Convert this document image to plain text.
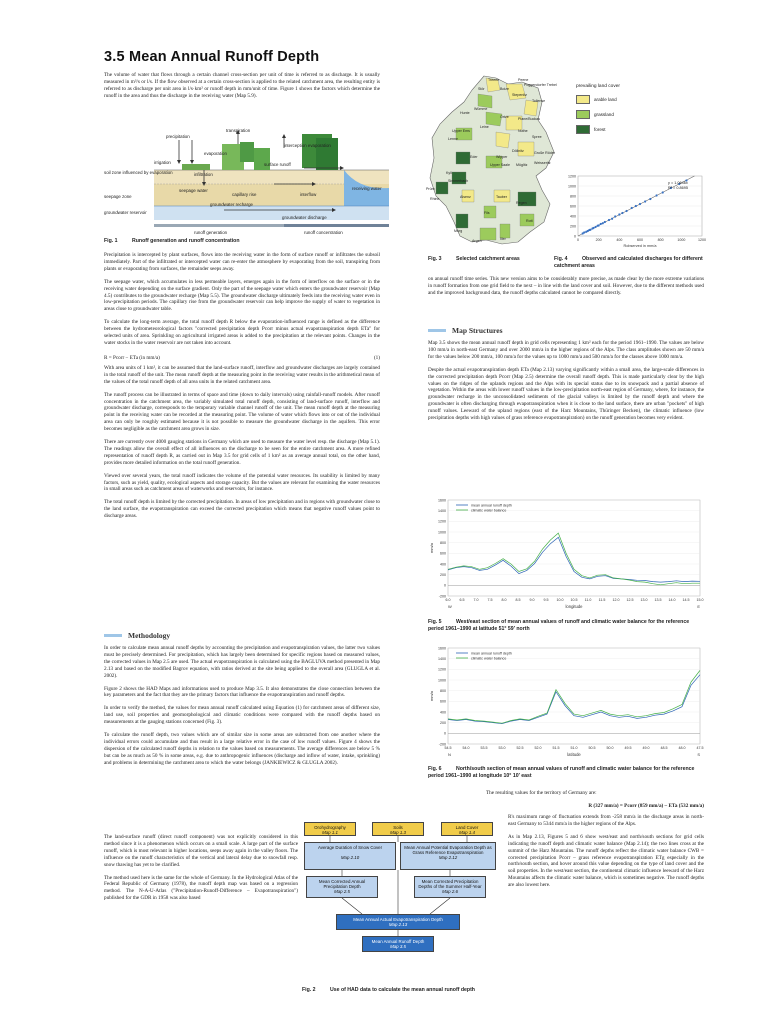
3.5 Mean Annual Runoff Depth

The volume of water that flows through a certain channel cross-section per unit of time is referred to as discharge. It is usually measured in m³/s or l/s. If the flow observed at a certain cross-section is applied to the related catchment area, the resulting entity is referred to as discharge per unit area in l/s·km² or runoff depth in mm/unit of time. Figure 1 shows the factors which determine the runoff in the area and thus the discharge in the receiving water (Map 5.9).

transpiration
precipitation
interception evaporation
evaporation
irrigation	surface runoff
soil zone influenced by evaporation	infiltration
seepage zone
seepage water
capillary rise	interflow
receiving water
groundwater reservoir
groundwater recharge
groundwater discharge
runoff generation	runoff concentration
Fig. 1	Runoff generation and runoff concentration

Precipitation is intercepted by plant surfaces, flows into the receiving water in the form of surface runoff or infiltrates the subsoil immediately. Part of the infiltrated or intercepted water can re-enter the atmosphere by evaporating from the soil, transpiring from plants or evaporating from surfaces, the remainder seeps away.

The seepage water, which accumulates in less permeable layers, emerges again in the form of interflow on the surface or in the receiving water depending on the surface gradient. Only the part of the seepage water which enters the groundwater reservoir (Map 4.5) contributes to the groundwater recharge (Map 5.5). The groundwater discharge ultimately feeds into the receiving water even in low-precipitation periods. The capillary rise from the groundwater reservoir can help improve the supply of water to vegetation in areas close to groundwater table.

To calculate the long-term average, the total runoff depth R below the evaporation-influenced range is defined as the difference between the hydrometeorological factors "corrected precipitation depth Pcorr minus actual evapotranspiration depth ETa" for selected units of area. Sprinkling on agricultural irrigated areas is added to the precipitation at the relevant points. Changes in the water stocks in the water reservoir are not taken into account.

R = Pcorr − ETa (in mm/a)	(1)

With area units of 1 km², it can be assumed that the land-surface runoff, interflow and groundwater discharges are largely contained in the total runoff of the unit. The mean runoff depth at the measuring point in the receiving water results in the arithmetical mean of the values of the total runoff depth of all area units in the related catchment area.

The runoff process can be illustrated in terms of space and time (down to daily intervals) using rainfall-runoff models. After runoff concentration in the catchment area, the variably simulated total runoff depth, consisting of land-surface runoff, interflow and groundwater discharge, corresponds to the temporary variable channel runoff of the unit. The mean runoff depth at the measuring point in the receiving water can be recorded at the measuring point. The volume of water which flows into or out of the individual area can only be roughly estimated because it is not possible to measure the groundwater discharge in the aquifers. This error becomes negligible as the catchment area grows in size.

There are currently over 4000 gauging stations in Germany which are used to measure the water level resp. the discharge (Map 5.1). The readings allow the overall effect of all influences on the discharge to be seen for the entire catchment area. A more refined representation of runoff depth R, as carried out in Map 3.5 for grid cells of 1 km² as an average annual total, on the other hand, provides more detailed information on the total runoff generation.

Viewed over several years, the total runoff indicates the volume of the potential water resources. Its usability is limited by many factors, such as yield, quality, ecological aspects and storage capacity. But the values are relevant for examining the water resources in small areas such as catchment areas of waterworks and reservoirs, for instance.

The total runoff depth is limited by the corrected precipitation. In areas of low precipitation and in regions with groundwater close to the land surface, the evapotranspiration can exceed the corrected precipitation which means that negative runoff values point to discharge areas.

Methodology

In order to calculate mean annual runoff depths by accounting the precipitation and evapotranspiration values, the latter two values must be precisely determined. For precipitation, which has largely been determined for specific regions based on measured values, the corrected values in Map 2.5 are used. The actual evapotranspiration is calculated using the BAGLUVA method presented in Map 2.13 and based on the modified Bagrov equation, with ratios derived at the site being applied to the overall area (GLUGLA et al. 2002).

Figure 2 shows the HAD Maps and informations used to produce Map 3.5. It also demonstrates the close connection between the key parameters and the fact that they are the primary factors that influence the evapotranspiration and runoff depths.

In order to verify the method, the values for mean annual runoff calculated using Equation (1) for catchment areas of different size, land use, soil properties and geomorphological and climatic conditions were compared with the runoff depths based on measurements at the gauging stations concerned (Fig. 3).

To calculate the runoff depth, two values which are of similar size in some areas are subtracted from one another where the individual errors could accumulate and thus result in a large relative error in the case of low runoff values. Figure 4 shows the dispersion of the calculated runoff depths in relation to the values based on measurements. The average differences are below 5 % but can be as much as 50 % in some areas, e.g. due to anthropogenic influences (discharge and inflow of water, intake, sprinkling) and problems in determining the catchment area to which the water belongs (JANKIEWICZ & GLUGLA 2002).

The land-surface runoff (direct runoff component) was not explicitly considered in this method since it is a phenomenon which occurs on a small scale. A large part of the surface runoff, which is most relevant in higher locations, seeps away again in the valley floors. The influence on the runoff characteristics of the vertical and lateral delay due to snowfall resp. snow thawing has yet to be clarified.

The method used here is the same for the whole of Germany. In the Hydrological Atlas of the Federal Republic of Germany (1978), the runoff depth map was based on a regression method. The N-A-U-Atlas ("Precipitation-Runoff-Difference – Evapotranspiration") published for the GDR in 1958 was also based

Orohydrography
Map 1.1
Soils
Map 1.3
Land Cover
Map 1.4
Average Duration of Snow Cover

Map 2.10
Mean Annual Potential Evaporation Depth as Grass Reference Evapotranspiration
Map 2.12
Mean Corrected Annual Precipitation Depth
Map 2.5
Mean Corrected Precipitation Depths of the Summer Half-Year
Map 2.6
Mean Annual Actual Evapotranspiration Depth
Map 2.13
Mean Annual Runoff Depth
Map 3.5
Fig. 2	Use of HAD data to calculate the mean annual runoff depth
Treene	Peene
Poggendorfer Trebel
Boize
Tollense
Stör
Stepenitz
Wümme
Ortze	Plane/Buckau
Hunte
Leine
Nuthe
Spree
Lenne
Upper Ems
Döllnitz	Große Röder
Wipper
Eder
Upper Saale Müglitz Weisseritz
Prüm
Kyll
Rhine
Simmerbach
Alsenz	Tauber
Regen
Fils
Rott
Murg
Argen	Iller
prevailing land cover
arable land
grassland
forest
0
200
400
600
800
1000
1200
0	200	400	600	800	1000	1200
y = 1.0646x
R² = 0.8695
Robserved in mm/a
Fig. 3	Selected catchment areas	Fig. 4	Observed and calculated discharges for different catchment areas

on annual runoff time series. This new version aims to be considerably more precise, as made clear by the more extreme variations in runoff formation from one grid field to the next – in line with the land cover and soil. However, due to the different methods used and the improved background data, the runoff depths calculated cannot be compared directly.

Map Structures

Map 3.5 shows the mean annual runoff depth in grid cells representing 1 km² each for the period 1961–1990. The values are below 100 mm/a in north-east Germany and over 2000 mm/a in the higher regions of the Alps. The class amplitudes shown are 50 mm/a for the values below 200 mm/a, 100 mm/a for the values up to 1000 mm/a and 500 mm/a for the classes above 1000 mm/a.

Despite the actual evapotranspiration depth ETa (Map 2.13) varying significantly within a small area, the large-scale differences in the corrected precipitation depth Pcorr (Map 2.5) determine the overall runoff depth. This is made particularly clear by the high values on the ridges of the uplands regions and the Alps with its special status due to its snowpack and a partial absence of vegetation. Within the areas with lower runoff values in the low-precipitation north-east region of Germany, where, for instance, the groundwater recharge in the unconsolidated sediments of the glacial valleys is limited by the runoff depth and where the groundwater is often discharging through evapotranspiration when it is close to the land surface, there are urban "pockets" of high runoff values. Leeward of the upland regions (east of the Harz Mountains, Thüringer Becken), the climatic influence (low precipitation depths with high values of grass reference evapotranspiration) on the runoff generation becomes very evident.

-200
0
200
400
600
800
1000
1200
1400
1600
6.0	6.5	7.0	7.5	8.0	8.5	9.0	9.5 10.0 10.5 11.0 11.5 12.0 12.5 13.0 13.5 14.0 14.5 15.0
mm/a
longitude
W	E
mean annual runoff depth
climatic water balance
Fig. 5	West/east section of mean annual values of runoff and climatic water balance for the reference period 1961–1990 at latitude 51° 59′ north
-200
0
200
400
600
800
1000
1200
1400
1600
54.5	54.0	53.5	53.0	52.5	52.0	51.5	51.0	50.5	50.0	49.5	49.0	48.5	48.0	47.5
mm/a
latitude
N	S
mean annual runoff depth
climatic water balance
Fig. 6	North/south section of mean annual values of runoff and climatic water balance for the reference period 1961–1990 at longitude 10° 10′ east

The resulting values for the territory of Germany are:

R (327 mm/a) = Pcorr (859 mm/a) – ETa (532 mm/a)

R's maximum range of fluctuation extends from -258 mm/a in the discharge areas in north-east Germany to 5344 mm/a in the higher regions of the Alps.

As in Map 2.13, Figures 5 and 6 show west/east and north/south sections for grid cells indicating the runoff depth and climatic water balance (Map 2.14); the two lines cross at the summit of the Harz Mountains. The runoff depths reflect the climatic water balance CWB = corrected precipitation Pcorr – grass reference evapotranspiration ETg especially in the north/south section, and hover around this value depending on the type of land cover and the soil properties. In the west/east section, the continental climatic influence leeward of the Harz Mountains affects the climatic water balance, which is sometimes negative. The runoff depths are also lowest here.
